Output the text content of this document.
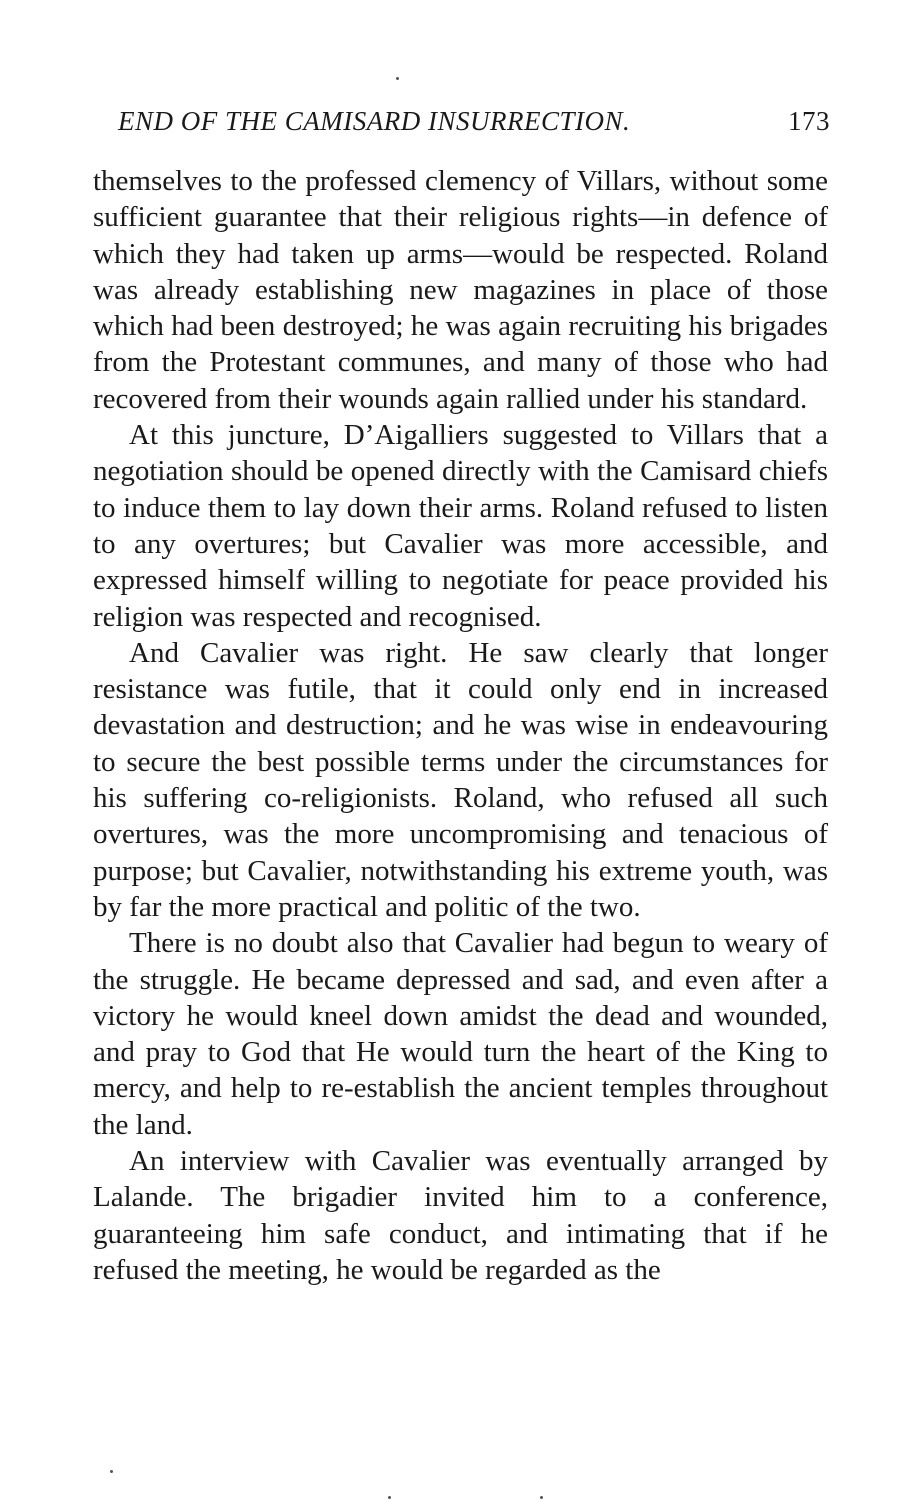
END OF THE CAMISARD INSURRECTION.	173

themselves to the professed clemency of Villars, without some sufficient guarantee that their religious rights—in defence of which they had taken up arms—would be respected. Roland was already establishing new magazines in place of those which had been destroyed; he was again recruiting his brigades from the Protestant communes, and many of those who had recovered from their wounds again rallied under his standard.

At this juncture, D’Aigalliers suggested to Villars that a negotiation should be opened directly with the Camisard chiefs to induce them to lay down their arms. Roland refused to listen to any overtures; but Cavalier was more accessible, and expressed himself willing to negotiate for peace provided his religion was respected and recognised.

And Cavalier was right. He saw clearly that longer resistance was futile, that it could only end in increased devastation and destruction; and he was wise in endeavouring to secure the best possible terms under the circumstances for his suffering co-religionists. Roland, who refused all such overtures, was the more uncompromising and tenacious of purpose; but Cavalier, notwithstanding his extreme youth, was by far the more practical and politic of the two.

There is no doubt also that Cavalier had begun to weary of the struggle. He became depressed and sad, and even after a victory he would kneel down amidst the dead and wounded, and pray to God that He would turn the heart of the King to mercy, and help to re-establish the ancient temples throughout the land.

An interview with Cavalier was eventually arranged by Lalande. The brigadier invited him to a conference, guaranteeing him safe conduct, and intimating that if he refused the meeting, he would be regarded as the
